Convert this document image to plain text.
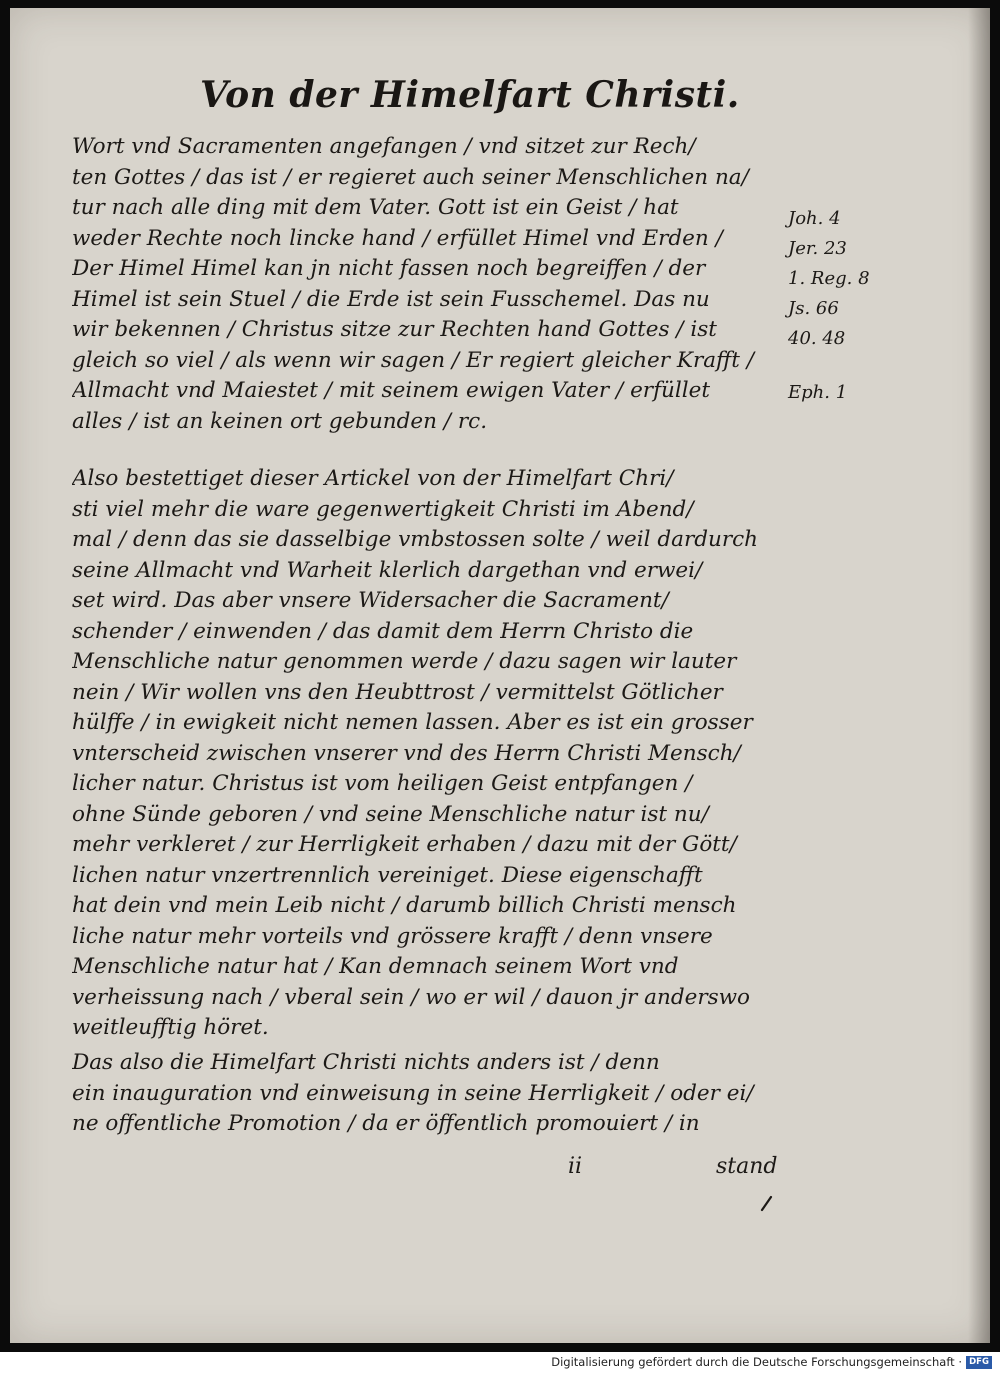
Von der Himelfart Christi.
Wort vnd Sacramenten angefangen / vnd sitzet zur Rech/
ten Gottes / das ist / er regieret auch seiner Menschlichen na/
tur nach alle ding mit dem Vater. Gott ist ein Geist / hat
weder Rechte noch lincke hand / erfüllet Himel vnd Erden /
Der Himel Himel kan jn nicht fassen noch begreiffen / der
Himel ist sein Stuel / die Erde ist sein Fusschemel. Das nu
wir bekennen / Christus sitze zur Rechten hand Gottes / ist
gleich so viel / als wenn wir sagen / Er regiert gleicher Krafft /
Allmacht vnd Maiestet / mit seinem ewigen Vater / erfüllet
alles / ist an keinen ort gebunden / rc.
Also bestettiget dieser Artickel von der Himelfart Chri/
sti viel mehr die ware gegenwertigkeit Christi im Abend/
mal / denn das sie dasselbige vmbstossen solte / weil dardurch
seine Allmacht vnd Warheit klerlich dargethan vnd erwei/
set wird. Das aber vnsere Widersacher die Sacrament/
schender / einwenden / das damit dem Herrn Christo die
Menschliche natur genommen werde / dazu sagen wir lauter
nein / Wir wollen vns den Heubttrost / vermittelst Götlicher
hülffe / in ewigkeit nicht nemen lassen. Aber es ist ein grosser
vnterscheid zwischen vnserer vnd des Herrn Christi Mensch/
licher natur. Christus ist vom heiligen Geist entpfangen /
ohne Sünde geboren / vnd seine Menschliche natur ist nu/
mehr verkleret / zur Herrligkeit erhaben / dazu mit der Gött/
lichen natur vnzertrennlich vereiniget. Diese eigenschafft
hat dein vnd mein Leib nicht / darumb billich Christi mensch
liche natur mehr vorteils vnd grössere krafft / denn vnsere
Menschliche natur hat / Kan demnach seinem Wort vnd
verheissung nach / vberal sein / wo er wil / dauon jr anderswo
weitleufftig höret.
Das also die Himelfart Christi nichts anders ist / denn
ein inauguration vnd einweisung in seine Herrligkeit / oder ei/
ne offentliche Promotion / da er öffentlich promouiert / in
Joh. 4
Jer. 23
1. Reg. 8
Js. 66
40. 48
Eph. 1
ii	stand
Digitalisierung gefördert durch die Deutsche Forschungsgemeinschaft · DFG
